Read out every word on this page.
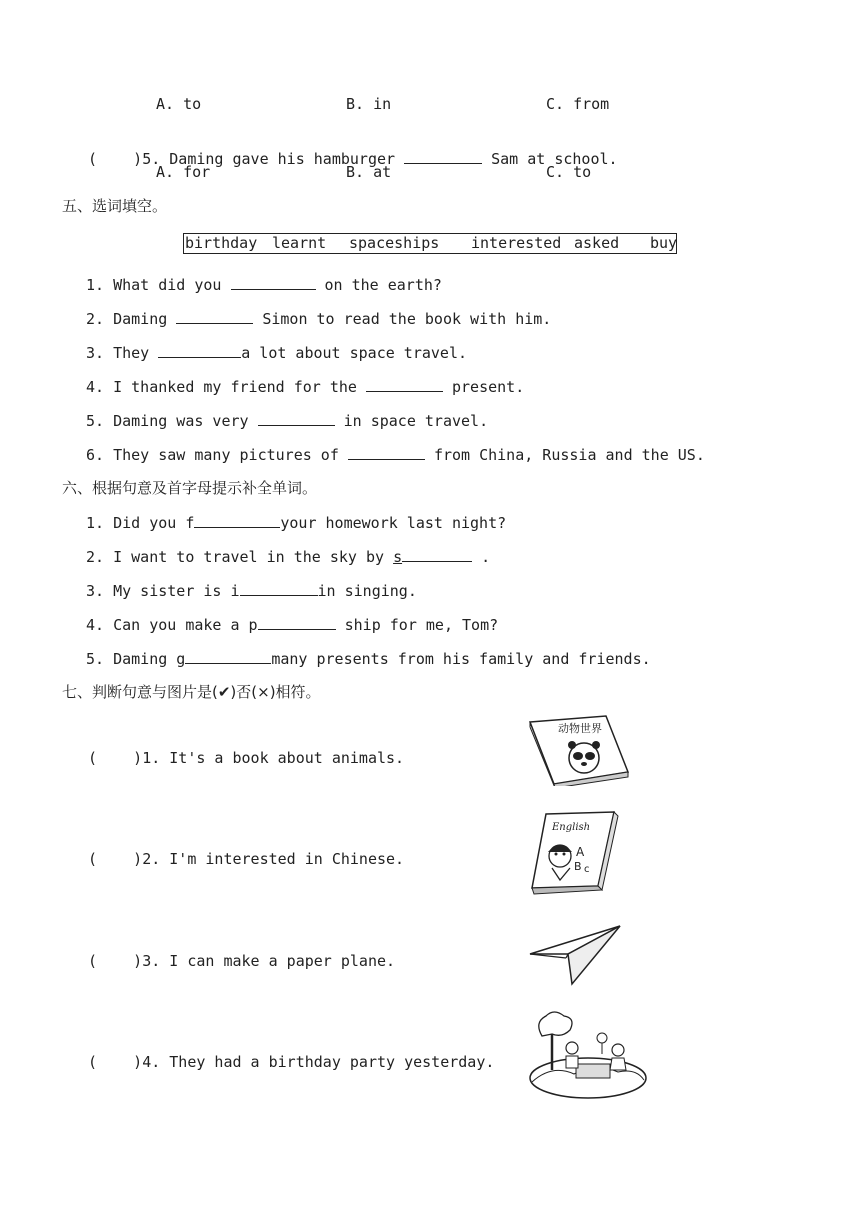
A. to	B. in	C. from

(    )5. Daming gave his hamburger	Sam at school.

A. for	B. at	C. to
五、选词填空。
birthday learnt spaceships interested asked buy
1. What did you	on the earth?
2. Daming	Simon to read the book with him.
3. They	a lot about space travel.
4. I thanked my friend for the	present.
5. Daming was very	in space travel.
6. They saw many pictures of	from China, Russia and the US.
六、根据句意及首字母提示补全单词。
1. Did you f	your homework last night?
2. I want to travel in the sky by s	.
3. My sister is i	in singing.
4. Can you make a p	ship for me, Tom?
5. Daming g	many presents from his family and friends.
七、判断句意与图片是(✔)否(×)相符。
(    )1. It's a book about animals.
(    )2. I'm interested in Chinese.
(    )3. I can make a paper plane.
(    )4. They had a birthday party yesterday.
动物世界
English
A
B c
